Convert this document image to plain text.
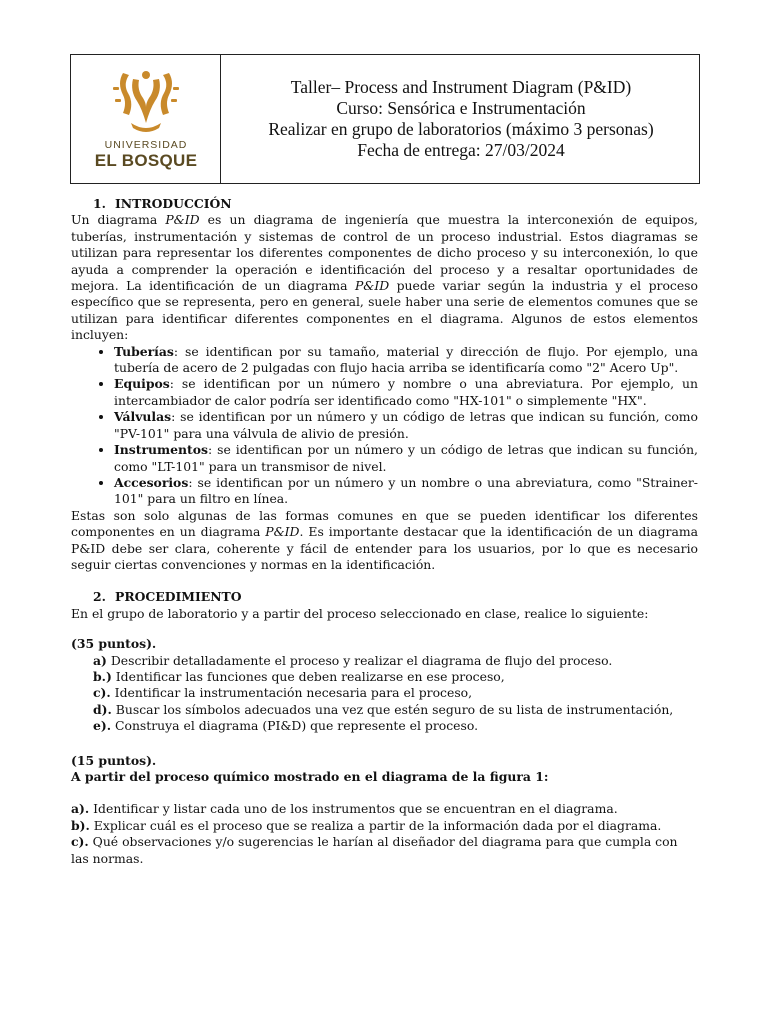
UNIVERSIDAD
EL BOSQUE
Taller– Process and Instrument Diagram (P&ID)
Curso: Sensórica e Instrumentación
Realizar en grupo de laboratorios (máximo 3 personas)
Fecha de entrega: 27/03/2024
1. INTRODUCCIÓN

Un diagrama P&ID es un diagrama de ingeniería que muestra la interconexión de equipos, tuberías, instrumentación y sistemas de control de un proceso industrial. Estos diagramas se utilizan para representar los diferentes componentes de dicho proceso y su interconexión, lo que ayuda a comprender la operación e identificación del proceso y a resaltar oportunidades de mejora. La identificación de un diagrama P&ID puede variar según la industria y el proceso específico que se representa, pero en general, suele haber una serie de elementos comunes que se utilizan para identificar diferentes componentes en el diagrama. Algunos de estos elementos incluyen:

• Tuberías: se identifican por su tamaño, material y dirección de flujo. Por ejemplo, una tubería de acero de 2 pulgadas con flujo hacia arriba se identificaría como "2" Acero Up".
• Equipos: se identifican por un número y nombre o una abreviatura. Por ejemplo, un intercambiador de calor podría ser identificado como "HX-101" o simplemente "HX".
• Válvulas: se identifican por un número y un código de letras que indican su función, como "PV-101" para una válvula de alivio de presión.
• Instrumentos: se identifican por un número y un código de letras que indican su función, como "LT-101" para un transmisor de nivel.
• Accesorios: se identifican por un número y un nombre o una abreviatura, como "Strainer-101" para un filtro en línea.

Estas son solo algunas de las formas comunes en que se pueden identificar los diferentes componentes en un diagrama P&ID. Es importante destacar que la identificación de un diagrama P&ID debe ser clara, coherente y fácil de entender para los usuarios, por lo que es necesario seguir ciertas convenciones y normas en la identificación.

2. PROCEDIMIENTO

En el grupo de laboratorio y a partir del proceso seleccionado en clase, realice lo siguiente:

(35 puntos).
a) Describir detalladamente el proceso y realizar el diagrama de flujo del proceso.
b.) Identificar las funciones que deben realizarse en ese proceso,
c). Identificar la instrumentación necesaria para el proceso,
d). Buscar los símbolos adecuados una vez que estén seguro de su lista de instrumentación,
e). Construya el diagrama (PI&D) que represente el proceso.
(15 puntos).
A partir del proceso químico mostrado en el diagrama de la figura 1:
a). Identificar y listar cada uno de los instrumentos que se encuentran en el diagrama.
b). Explicar cuál es el proceso que se realiza a partir de la información dada por el diagrama.
c). Qué observaciones y/o sugerencias le harían al diseñador del diagrama para que cumpla con las normas.
